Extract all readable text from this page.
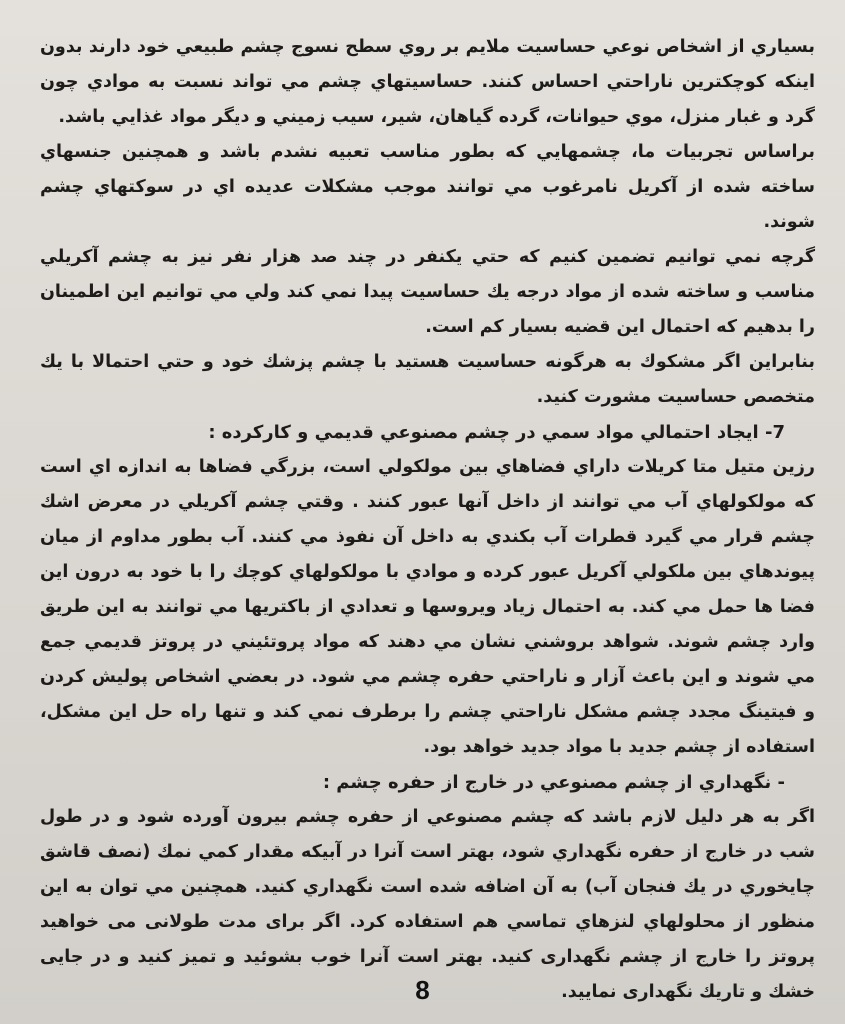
بسياري از اشخاص نوعي حساسيت ملايم بر روي سطح نسوج چشم طبيعي خود دارند بدون اينكه كوچكترين ناراحتي احساس كنند. حساسيتهاي چشم مي تواند نسبت به موادي چون گرد و غبار منزل، موي حيوانات، گرده گياهان، شير، سيب زميني و ديگر مواد غذايي باشد.

براساس تجربيات ما، چشمهايي كه بطور مناسب تعبيه نشدم باشد و همچنين جنسهاي ساخته شده از آكريل نامرغوب مي توانند موجب مشكلات عديده اي در سوكتهاي چشم شوند.

گرچه نمي توانيم تضمين كنيم كه حتي يكنفر در چند صد هزار نفر نيز به چشم آكريلي مناسب و ساخته شده از مواد درجه يك حساسيت پيدا نمي كند ولي مي توانيم اين اطمينان را بدهيم كه احتمال اين قضيه بسيار كم است.

بنابراين اگر مشكوك به هرگونه حساسيت هستيد با چشم پزشك خود و حتي احتمالا با يك متخصص حساسيت مشورت كنيد.

7- ايجاد احتمالي مواد سمي در چشم مصنوعي قديمي و كاركرده :

رزين متيل متا كريلات داراي فضاهاي بين مولكولي است، بزرگي فضاها به اندازه اي است كه مولكولهاي آب مي توانند از داخل آنها عبور كنند . وقتي چشم آكريلي در معرض اشك چشم قرار مي گيرد قطرات آب بكندي به داخل آن نفوذ مي كنند. آب بطور مداوم از ميان پيوندهاي بين ملكولي آكريل عبور كرده و موادي با مولكولهاي كوچك را با خود به درون اين فضا ها حمل مي كند. به احتمال زياد ويروسها و تعدادي از باكتريها مي توانند به اين طريق وارد چشم شوند. شواهد بروشني نشان مي دهند كه مواد پروتئيني در پروتز قديمي جمع مي شوند و اين باعث آزار و ناراحتي حفره چشم مي شود. در بعضي اشخاص پوليش كردن و فيتينگ مجدد چشم مشكل ناراحتي چشم را برطرف نمي كند و تنها راه حل اين مشكل، استفاده از چشم جديد با مواد جديد خواهد بود.

- نگهداري از چشم مصنوعي در خارج از حفره چشم :

اگر به هر دليل لازم باشد كه چشم مصنوعي از حفره چشم بيرون آورده شود و در طول شب در خارج از حفره نگهداري شود، بهتر است آنرا در آبيكه مقدار كمي نمك (نصف قاشق چايخوري در يك فنجان آب) به آن اضافه شده است نگهداري كنيد. همچنين مي توان به اين منظور از محلولهاي لنزهاي تماسي هم استفاده كرد. اگر برای مدت طولانی می خواهيد پروتز را خارج از چشم نگهداری كنيد. بهتر است آنرا خوب بشوئيد و تميز كنيد و در جايی خشك و تاريك نگهداری نماييد.

8
